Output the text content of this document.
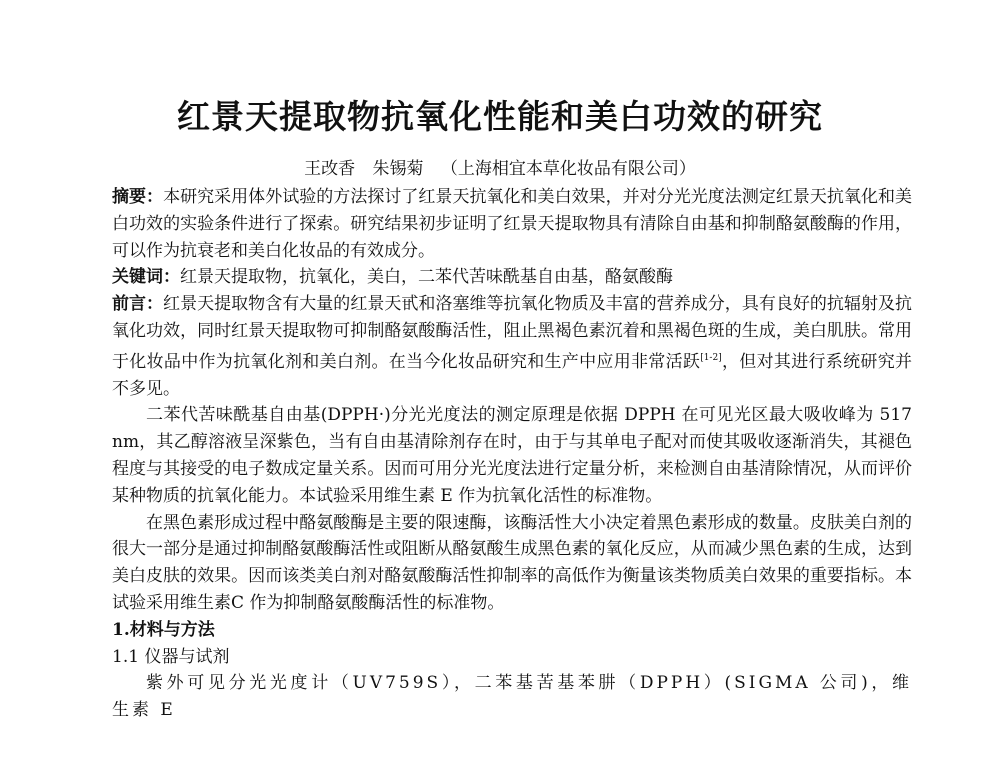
红景天提取物抗氧化性能和美白功效的研究
王改香 朱锡菊 （上海相宜本草化妆品有限公司）

摘要：本研究采用体外试验的方法探讨了红景天抗氧化和美白效果，并对分光光度法测定红景天抗氧化和美白功效的实验条件进行了探索。研究结果初步证明了红景天提取物具有清除自由基和抑制酪氨酸酶的作用，可以作为抗衰老和美白化妆品的有效成分。

关键词：红景天提取物，抗氧化，美白，二苯代苦味酰基自由基，酪氨酸酶

前言：红景天提取物含有大量的红景天甙和洛塞维等抗氧化物质及丰富的营养成分，具有良好的抗辐射及抗氧化功效，同时红景天提取物可抑制酪氨酸酶活性，阻止黑褐色素沉着和黑褐色斑的生成，美白肌肤。常用于化妆品中作为抗氧化剂和美白剂。在当今化妆品研究和生产中应用非常活跃[1-2]，但对其进行系统研究并不多见。

二苯代苦味酰基自由基(DPPH·)分光光度法的测定原理是依据 DPPH 在可见光区最大吸收峰为 517 nm，其乙醇溶液呈深紫色，当有自由基清除剂存在时，由于与其单电子配对而使其吸收逐渐消失，其褪色程度与其接受的电子数成定量关系。因而可用分光光度法进行定量分析，来检测自由基清除情况，从而评价某种物质的抗氧化能力。本试验采用维生素 E 作为抗氧化活性的标准物。

在黑色素形成过程中酪氨酸酶是主要的限速酶，该酶活性大小决定着黑色素形成的数量。皮肤美白剂的很大一部分是通过抑制酪氨酸酶活性或阻断从酪氨酸生成黑色素的氧化反应，从而减少黑色素的生成，达到美白皮肤的效果。因而该类美白剂对酪氨酸酶活性抑制率的高低作为衡量该类物质美白效果的重要指标。本试验采用维生素C 作为抑制酪氨酸酶活性的标准物。

1.材料与方法

1.1 仪器与试剂

紫外可见分光光度计（UV759S），二苯基苦基苯肼（DPPH）(SIGMA 公司)，维生素 E
